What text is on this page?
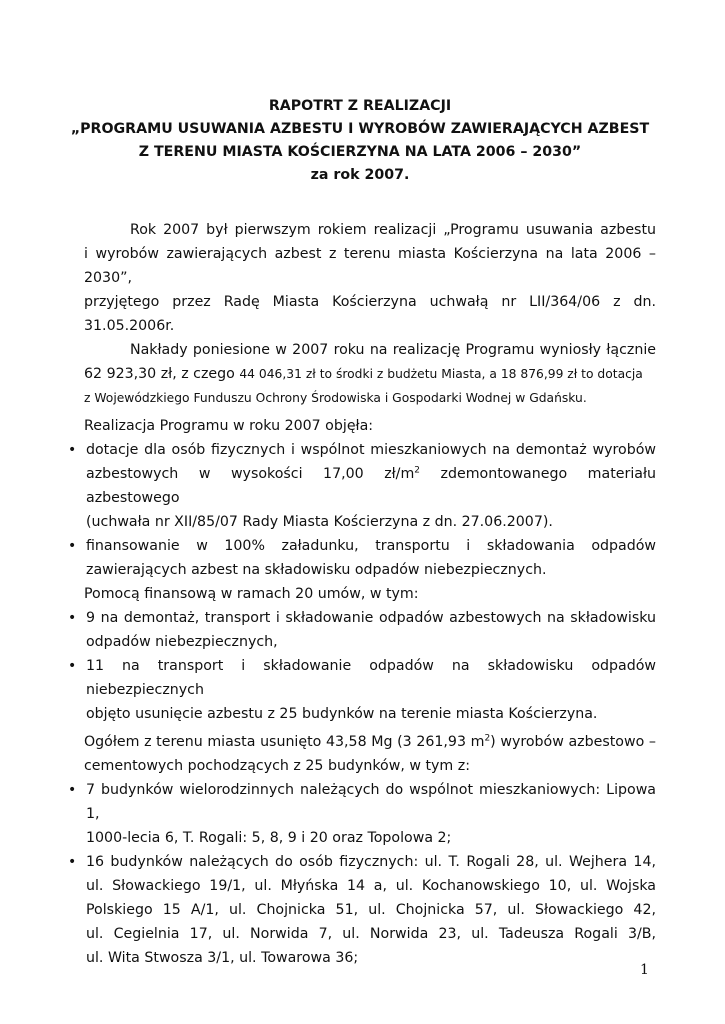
RAPOTRT Z REALIZACJI
„PROGRAMU USUWANIA AZBESTU I WYROBÓW ZAWIERAJĄCYCH AZBEST
Z TERENU MIASTA KOŚCIERZYNA NA LATA 2006 – 2030”
za rok 2007.

Rok 2007 był pierwszym rokiem realizacji „Programu usuwania azbestu
i wyrobów zawierających azbest z terenu miasta Kościerzyna na lata 2006 – 2030”,
przyjętego przez Radę Miasta Kościerzyna uchwałą nr LII/364/06 z dn.
31.05.2006r.

Nakłady poniesione w 2007 roku na realizację Programu wyniosły łącznie
62 923,30 zł, z czego 44 046,31 zł to środki z budżetu Miasta, a 18 876,99 zł to dotacja
z Wojewódzkiego Funduszu Ochrony Środowiska i Gospodarki Wodnej w Gdańsku.

Realizacja Programu w roku 2007 objęła:

• dotacje dla osób fizycznych i wspólnot mieszkaniowych na demontaż wyrobów
azbestowych w wysokości 17,00 $zł/m^2$ zdemontowanego materiału azbestowego
(uchwała nr XII/85/07 Rady Miasta Kościerzyna z dn. 27.06.2007).
• finansowanie w 100% załadunku, transportu i składowania odpadów
zawierających azbest na składowisku odpadów niebezpiecznych.

Pomocą finansową w ramach 20 umów, w tym:

• 9 na demontaż, transport i składowanie odpadów azbestowych na składowisku
odpadów niebezpiecznych,
• 11 na transport i składowanie odpadów na składowisku odpadów niebezpiecznych
objęto usunięcie azbestu z 25 budynków na terenie miasta Kościerzyna.

Ogółem z terenu miasta usunięto 43,58 Mg (3 261,93 $m^2$) wyrobów azbestowo –
cementowych pochodzących z 25 budynków, w tym z:

• 7 budynków wielorodzinnych należących do wspólnot mieszkaniowych: Lipowa 1,
1000-lecia 6, T. Rogali: 5, 8, 9 i 20 oraz Topolowa 2;
• 16 budynków należących do osób fizycznych: ul. T. Rogali 28, ul. Wejhera 14,
ul. Słowackiego 19/1, ul. Młyńska 14 a, ul. Kochanowskiego 10, ul. Wojska
Polskiego 15 A/1, ul. Chojnicka 51, ul. Chojnicka 57, ul. Słowackiego 42,
ul. Cegielnia 17, ul. Norwida 7, ul. Norwida 23, ul. Tadeusza Rogali 3/B,
ul. Wita Stwosza 3/1, ul. Towarowa 36;
1
